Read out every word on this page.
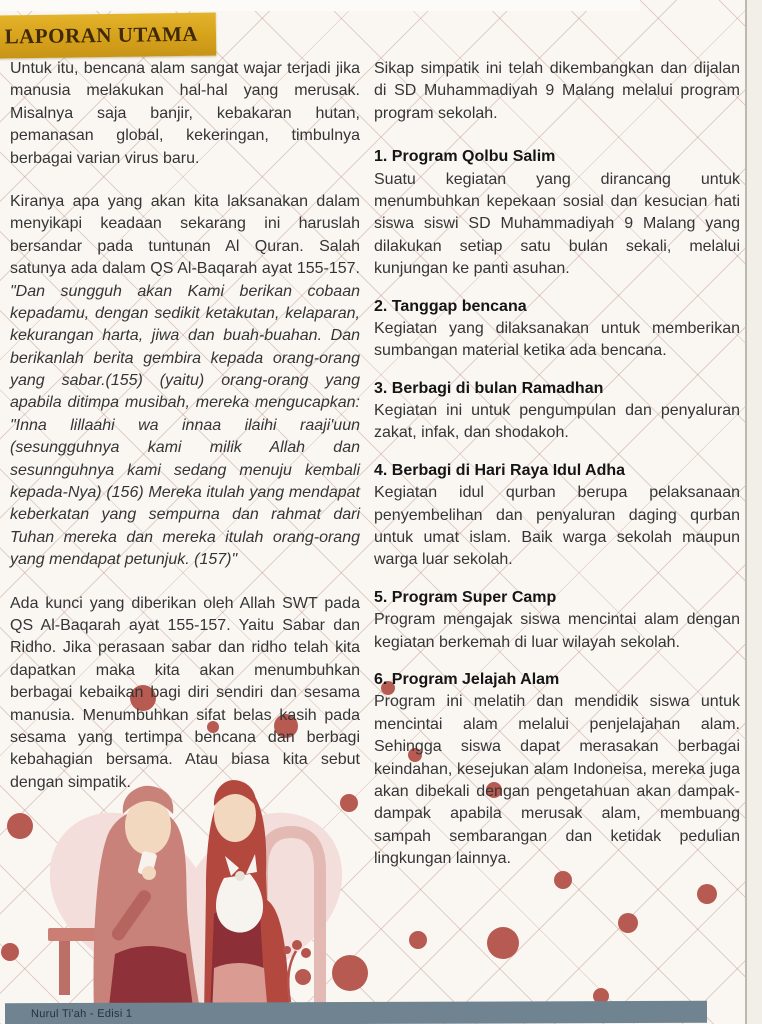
LAPORAN UTAMA

Untuk itu, bencana alam sangat wajar terjadi jika manusia melakukan hal-hal yang merusak. Misalnya saja banjir, kebakaran hutan, pemanasan global, kekeringan, timbulnya berbagai varian virus baru.

Kiranya apa yang akan kita laksanakan dalam menyikapi keadaan sekarang ini haruslah bersandar pada tuntunan Al Quran. Salah satunya ada dalam QS Al-Baqarah ayat 155-157. "Dan sungguh akan Kami berikan cobaan kepadamu, dengan sedikit ketakutan, kelaparan, kekurangan harta, jiwa dan buah-buahan. Dan berikanlah berita gembira kepada orang-orang yang sabar.(155) (yaitu) orang-orang yang apabila ditimpa musibah, mereka mengucapkan: "Inna lillaahi wa innaa ilaihi raaji'uun (sesungguhnya kami milik Allah dan sesunnguhnya kami sedang menuju kembali kepada-Nya) (156) Mereka itulah yang mendapat keberkatan yang sempurna dan rahmat dari Tuhan mereka dan mereka itulah orang-orang yang mendapat petunjuk. (157)"

Ada kunci yang diberikan oleh Allah SWT pada QS Al-Baqarah ayat 155-157. Yaitu Sabar dan Ridho. Jika perasaan sabar dan ridho telah kita dapatkan maka kita akan menumbuhkan berbagai kebaikan bagi diri sendiri dan sesama manusia. Menumbuhkan sifat belas kasih pada sesama yang tertimpa bencana dan berbagi kebahagian bersama. Atau biasa kita sebut dengan simpatik.

Sikap simpatik ini telah dikembangkan dan dijalan di SD Muhammadiyah 9 Malang melalui program program sekolah.

1. Program Qolbu Salim

Suatu kegiatan yang dirancang untuk menumbuhkan kepekaan sosial dan kesucian hati siswa siswi SD Muhammadiyah 9 Malang yang dilakukan setiap satu bulan sekali, melalui kunjungan ke panti asuhan.

2. Tanggap bencana

Kegiatan yang dilaksanakan untuk memberikan sumbangan material ketika ada bencana.

3. Berbagi di bulan Ramadhan

Kegiatan ini untuk pengumpulan dan penyaluran zakat, infak, dan shodakoh.

4. Berbagi di Hari Raya Idul Adha

Kegiatan idul qurban berupa pelaksanaan penyembelihan dan penyaluran daging qurban untuk umat islam. Baik warga sekolah maupun warga luar sekolah.

5. Program Super Camp

Program mengajak siswa mencintai alam dengan kegiatan berkemah di luar wilayah sekolah.

6. Program Jelajah Alam

Program ini melatih dan mendidik siswa untuk mencintai alam melalui penjelajahan alam. Sehingga siswa dapat merasakan berbagai keindahan, kesejukan alam Indoneisa, mereka juga akan dibekali dengan pengetahuan akan dampak-dampak apabila merusak alam, membuang sampah sembarangan dan ketidak pedulian lingkungan lainnya.

Nurul Ti'ah - Edisi 1
